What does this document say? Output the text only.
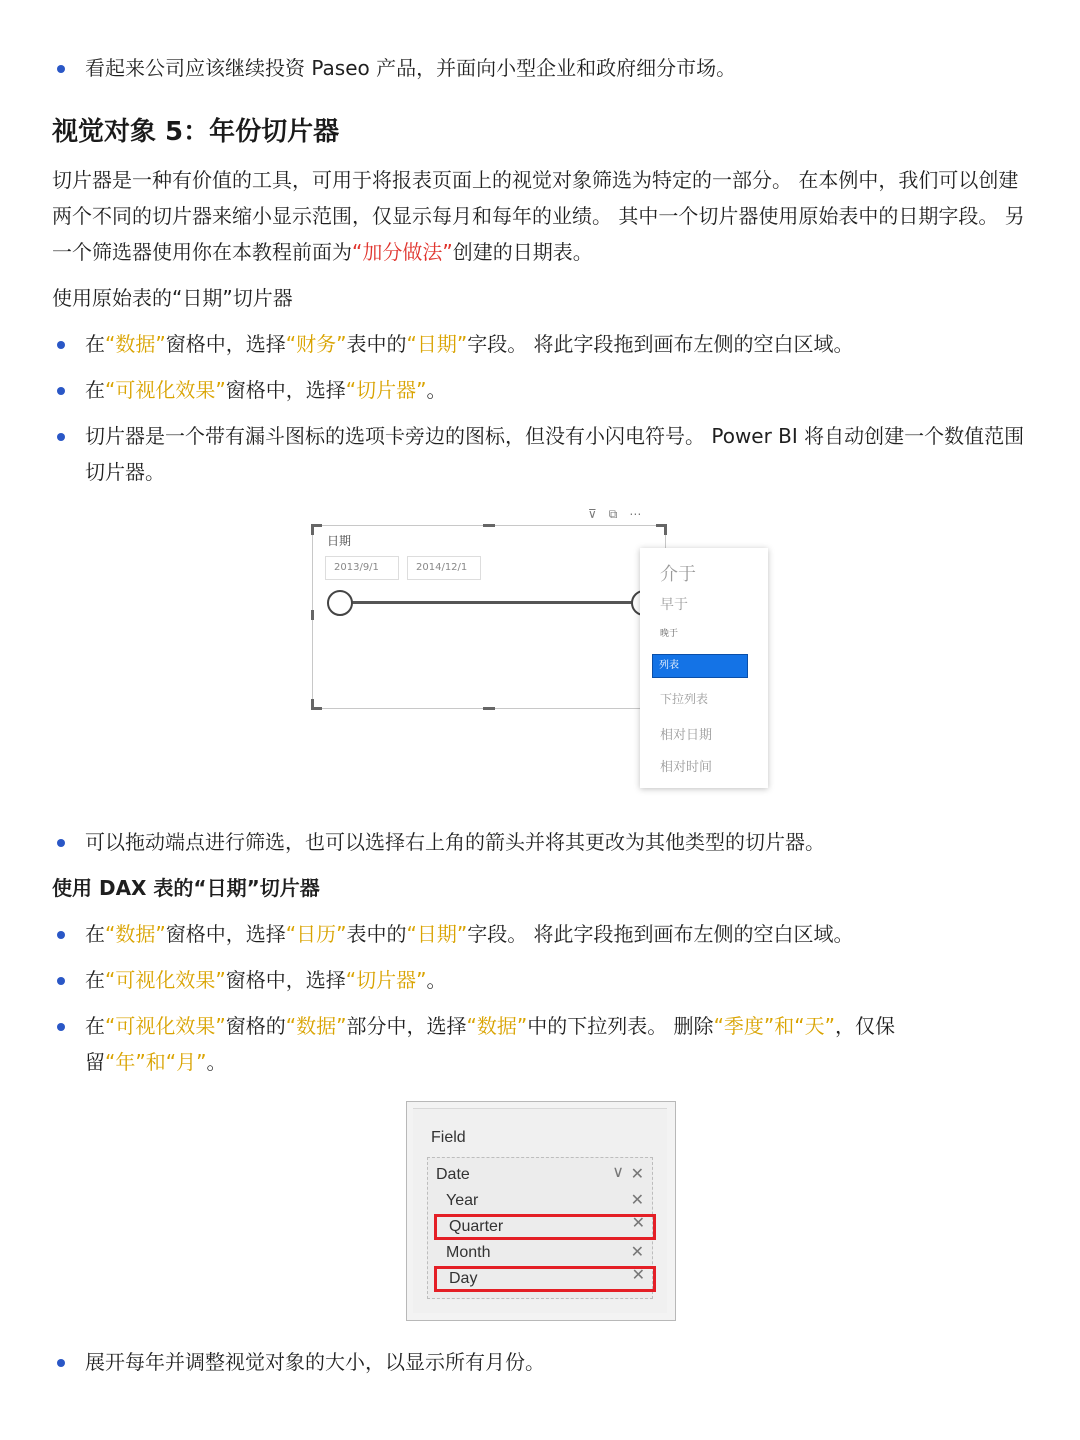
看起来公司应该继续投资 Paseo 产品，并面向小型企业和政府细分市场。
视觉对象 5：年份切片器
切片器是一种有价值的工具，可用于将报表页面上的视觉对象筛选为特定的一部分。 在本例中，我们可以创建两个不同的切片器来缩小显示范围，仅显示每月和每年的业绩。 其中一个切片器使用原始表中的日期字段。 另一个筛选器使用你在本教程前面为“加分做法”创建的日期表。
使用原始表的“日期”切片器
在“数据”窗格中，选择“财务”表中的“日期”字段。 将此字段拖到画布左侧的空白区域。
在“可视化效果”窗格中，选择“切片器”。
切片器是一个带有漏斗图标的选项卡旁边的图标，但没有小闪电符号。 Power BI 将自动创建一个数值范围切片器。
⊽ ⧉ ⋯
日期
2013/9/1	2014/12/1	介于
早于
晚于
列表
下拉列表
相对日期
相对时间
可以拖动端点进行筛选，也可以选择右上角的箭头并将其更改为其他类型的切片器。
使用 DAX 表的“日期”切片器
在“数据”窗格中，选择“日历”表中的“日期”字段。 将此字段拖到画布左侧的空白区域。
在“可视化效果”窗格中，选择“切片器”。
在“可视化效果”窗格的“数据”部分中，选择“数据”中的下拉列表。 删除“季度”和“天”，仅保留“年”和“月”。
Field
Date	∨ ✕
Year	✕
Quarter	✕
Month	✕
Day	✕
展开每年并调整视觉对象的大小，以显示所有月份。
